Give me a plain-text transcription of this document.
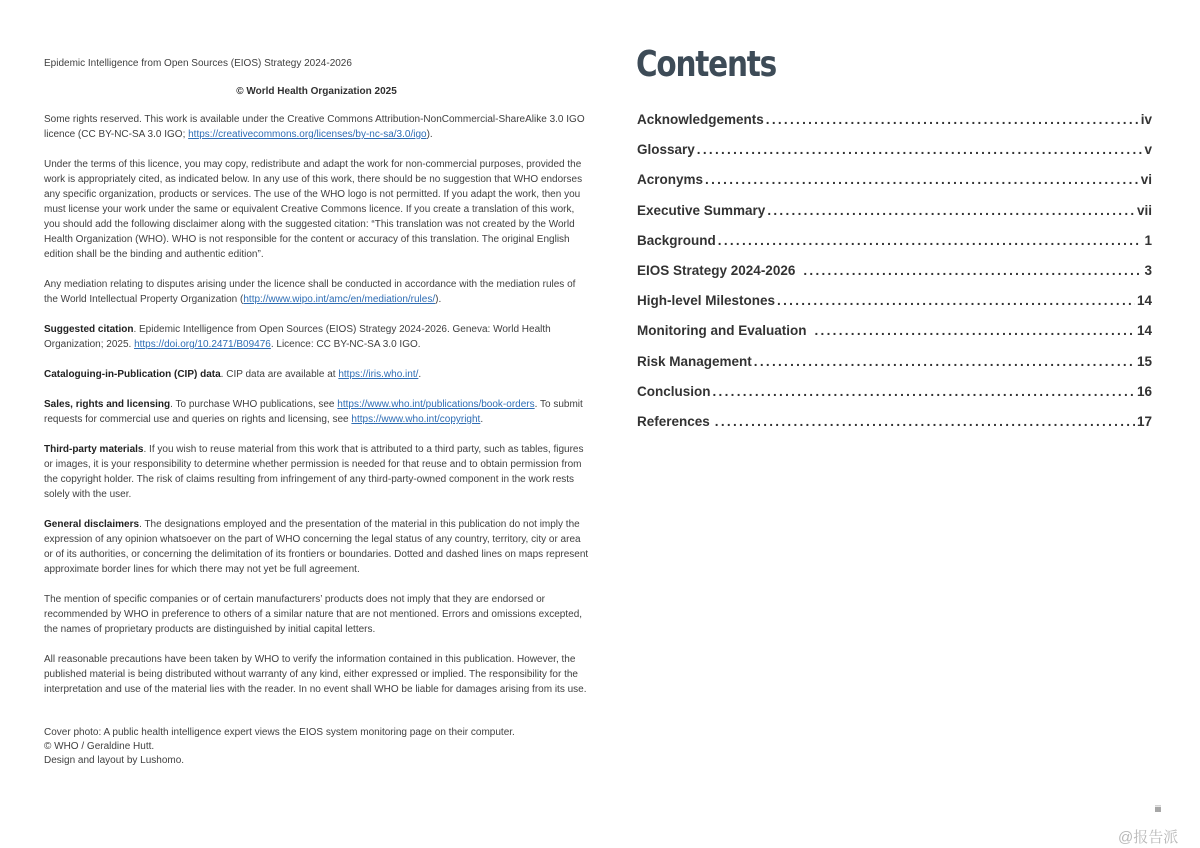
Epidemic Intelligence from Open Sources (EIOS) Strategy 2024-2026

© World Health Organization 2025

Some rights reserved. This work is available under the Creative Commons Attribution-NonCommercial-ShareAlike 3.0 IGO licence (CC BY-NC-SA 3.0 IGO; https://creativecommons.org/licenses/by-nc-sa/3.0/igo).

Under the terms of this licence, you may copy, redistribute and adapt the work for non-commercial purposes, provided the work is appropriately cited, as indicated below. In any use of this work, there should be no suggestion that WHO endorses any specific organization, products or services. The use of the WHO logo is not permitted. If you adapt the work, then you must license your work under the same or equivalent Creative Commons licence. If you create a translation of this work, you should add the following disclaimer along with the suggested citation: “This translation was not created by the World Health Organization (WHO). WHO is not responsible for the content or accuracy of this translation. The original English edition shall be the binding and authentic edition”.

Any mediation relating to disputes arising under the licence shall be conducted in accordance with the mediation rules of the World Intellectual Property Organization (http://www.wipo.int/amc/en/mediation/rules/).

Suggested citation. Epidemic Intelligence from Open Sources (EIOS) Strategy 2024-2026. Geneva: World Health Organization; 2025. https://doi.org/10.2471/B09476. Licence: CC BY-NC-SA 3.0 IGO.

Cataloguing-in-Publication (CIP) data. CIP data are available at https://iris.who.int/.

Sales, rights and licensing. To purchase WHO publications, see https://www.who.int/publications/book-orders. To submit requests for commercial use and queries on rights and licensing, see https://www.who.int/copyright.

Third-party materials. If you wish to reuse material from this work that is attributed to a third party, such as tables, figures or images, it is your responsibility to determine whether permission is needed for that reuse and to obtain permission from the copyright holder. The risk of claims resulting from infringement of any third-party-owned component in the work rests solely with the user.

General disclaimers. The designations employed and the presentation of the material in this publication do not imply the expression of any opinion whatsoever on the part of WHO concerning the legal status of any country, territory, city or area or of its authorities, or concerning the delimitation of its frontiers or boundaries. Dotted and dashed lines on maps represent approximate border lines for which there may not yet be full agreement.

The mention of specific companies or of certain manufacturers’ products does not imply that they are endorsed or recommended by WHO in preference to others of a similar nature that are not mentioned. Errors and omissions excepted, the names of proprietary products are distinguished by initial capital letters.

All reasonable precautions have been taken by WHO to verify the information contained in this publication. However, the published material is being distributed without warranty of any kind, either expressed or implied. The responsibility for the interpretation and use of the material lies with the reader. In no event shall WHO be liable for damages arising from its use.

Cover photo: A public health intelligence expert views the EIOS system monitoring page on their computer.
© WHO / Geraldine Hutt.
Design and layout by Lushomo.
Contents
Acknowledgements .....	iv
Glossary .....	v
Acronyms .....	vi
Executive Summary .....	vii
Background .....	1
EIOS Strategy 2024-2026 .....	3
High-level Milestones .....	14
Monitoring and Evaluation .....	14
Risk Management .....	15
Conclusion .....	16
References .....	17
iii
@报告派
